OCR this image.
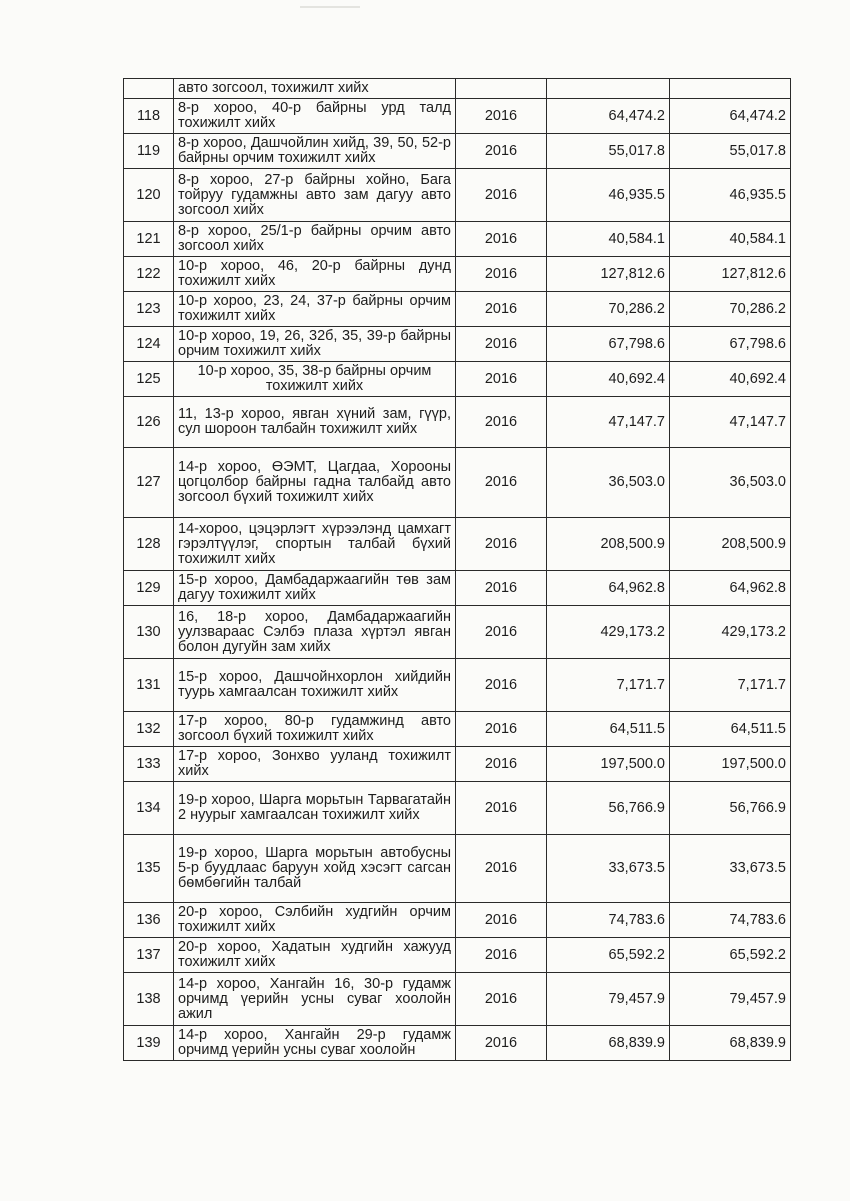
	авто зогсоол, тохижилт хийх			
118	8-р хороо, 40-р байрны урд талд тохижилт хийх	2016	64,474.2	64,474.2
119	8-р хороо, Дашчойлин хийд, 39, 50, 52-р байрны орчим тохижилт хийх	2016	55,017.8	55,017.8
120	8-р хороо, 27-р байрны хойно, Бага тойруу гудамжны авто зам дагуу авто зогсоол хийх	2016	46,935.5	46,935.5
121	8-р хороо, 25/1-р байрны орчим авто зогсоол хийх	2016	40,584.1	40,584.1
122	10-р хороо, 46, 20-р байрны дунд тохижилт хийх	2016	127,812.6	127,812.6
123	10-р хороо, 23, 24, 37-р байрны орчим тохижилт хийх	2016	70,286.2	70,286.2
124	10-р хороо, 19, 26, 32б, 35, 39-р байрны орчим тохижилт хийх	2016	67,798.6	67,798.6
125	10-р хороо, 35, 38-р байрны орчим тохижилт хийх	2016	40,692.4	40,692.4
126	11, 13-р хороо, явган хүний зам, гүүр, сул шороон талбайн тохижилт хийх	2016	47,147.7	47,147.7
127	14-р хороо, ӨЭМТ, Цагдаа, Хорооны цогцолбор байрны гадна талбайд авто зогсоол бүхий тохижилт хийх	2016	36,503.0	36,503.0
128	14-хороо, цэцэрлэгт хүрээлэнд цамхагт гэрэлтүүлэг, спортын талбай бүхий тохижилт хийх	2016	208,500.9	208,500.9
129	15-р хороо, Дамбадаржаагийн төв зам дагуу тохижилт хийх	2016	64,962.8	64,962.8
130	16, 18-р хороо, Дамбадаржаагийн уулзвараас Сэлбэ плаза хүртэл явган болон дугуйн зам хийх	2016	429,173.2	429,173.2
131	15-р хороо, Дашчойнхорлон хийдийн туурь хамгаалсан тохижилт хийх	2016	7,171.7	7,171.7
132	17-р хороо, 80-р гудамжинд авто зогсоол бүхий тохижилт хийх	2016	64,511.5	64,511.5
133	17-р хороо, Зонхво ууланд тохижилт хийх	2016	197,500.0	197,500.0
134	19-р хороо, Шарга морьтын Тарвагатайн 2 нуурыг хамгаалсан тохижилт хийх	2016	56,766.9	56,766.9
135	19-р хороо, Шарга морьтын автобусны 5-р буудлаас баруун хойд хэсэгт сагсан бөмбөгийн талбай	2016	33,673.5	33,673.5
136	20-р хороо, Сэлбийн худгийн орчим тохижилт хийх	2016	74,783.6	74,783.6
137	20-р хороо, Хадатын худгийн хажууд тохижилт хийх	2016	65,592.2	65,592.2
138	14-р хороо, Хангайн 16, 30-р гудамж орчимд үерийн усны суваг хоолойн ажил	2016	79,457.9	79,457.9
139	14-р хороо, Хангайн 29-р гудамж орчимд үерийн усны суваг хоолойн	2016	68,839.9	68,839.9
